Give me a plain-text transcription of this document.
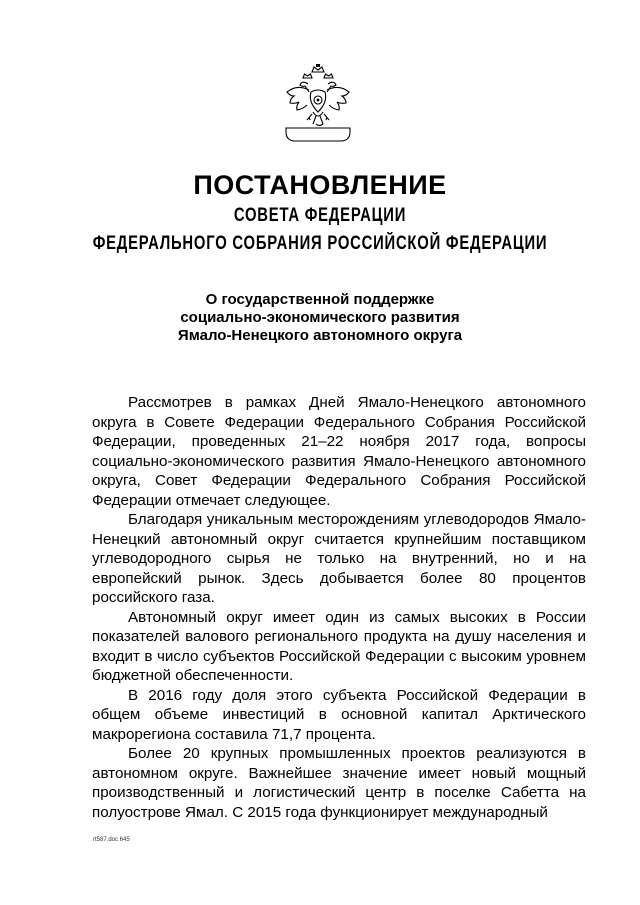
ПОСТАНОВЛЕНИЕ
СОВЕТА ФЕДЕРАЦИИ
ФЕДЕРАЛЬНОГО СОБРАНИЯ РОССИЙСКОЙ ФЕДЕРАЦИИ
О государственной поддержке
социально-экономического развития
Ямало-Ненецкого автономного округа

Рассмотрев в рамках Дней Ямало-Ненецкого автономного округа в Совете Федерации Федерального Собрания Российской Федерации, проведенных 21–22 ноября 2017 года, вопросы социально-экономического развития Ямало-Ненецкого автономного округа, Совет Федерации Федерального Собрания Российской Федерации отмечает следующее.

Благодаря уникальным месторождениям углеводородов Ямало-Ненецкий автономный округ считается крупнейшим поставщиком углеводородного сырья не только на внутренний, но и на европейский рынок. Здесь добывается более 80 процентов российского газа.

Автономный округ имеет один из самых высоких в России показателей валового регионального продукта на душу населения и входит в число субъектов Российской Федерации с высоким уровнем бюджетной обеспеченности.

В 2016 году доля этого субъекта Российской Федерации в общем объеме инвестиций в основной капитал Арктического макрорегиона составила 71,7 процента.

Более 20 крупных промышленных проектов реализуются в автономном округе. Важнейшее значение имеет новый мощный производственный и логистический центр в поселке Сабетта на полуострове Ямал. С 2015 года функционирует международный

rt587.doc 645
